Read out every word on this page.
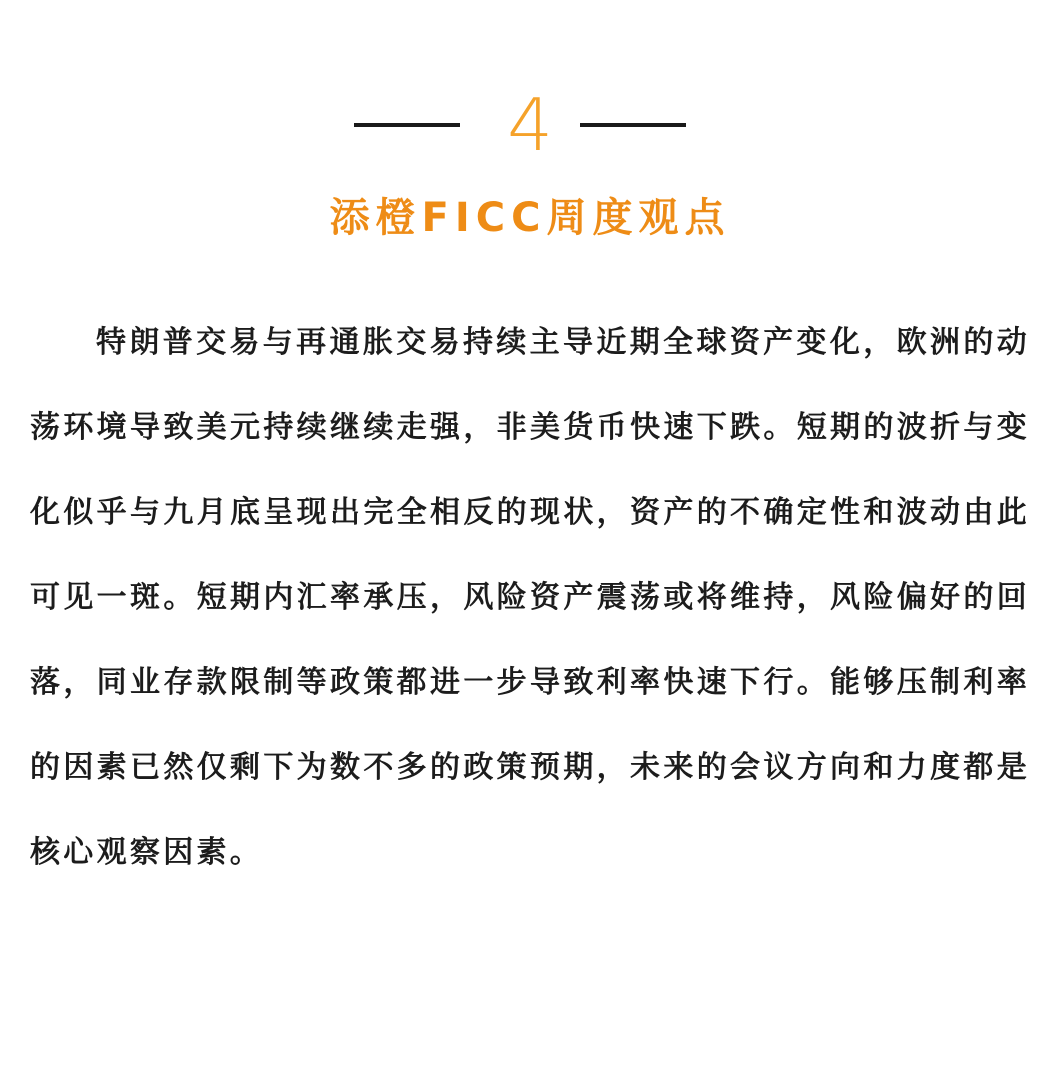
4
添橙FICC周度观点

特朗普交易与再通胀交易持续主导近期全球资产变化，欧洲的动荡环境导致美元持续继续走强，非美货币快速下跌。短期的波折与变化似乎与九月底呈现出完全相反的现状，资产的不确定性和波动由此可见一斑。短期内汇率承压，风险资产震荡或将维持，风险偏好的回落，同业存款限制等政策都进一步导致利率快速下行。能够压制利率的因素已然仅剩下为数不多的政策预期，未来的会议方向和力度都是核心观察因素。
